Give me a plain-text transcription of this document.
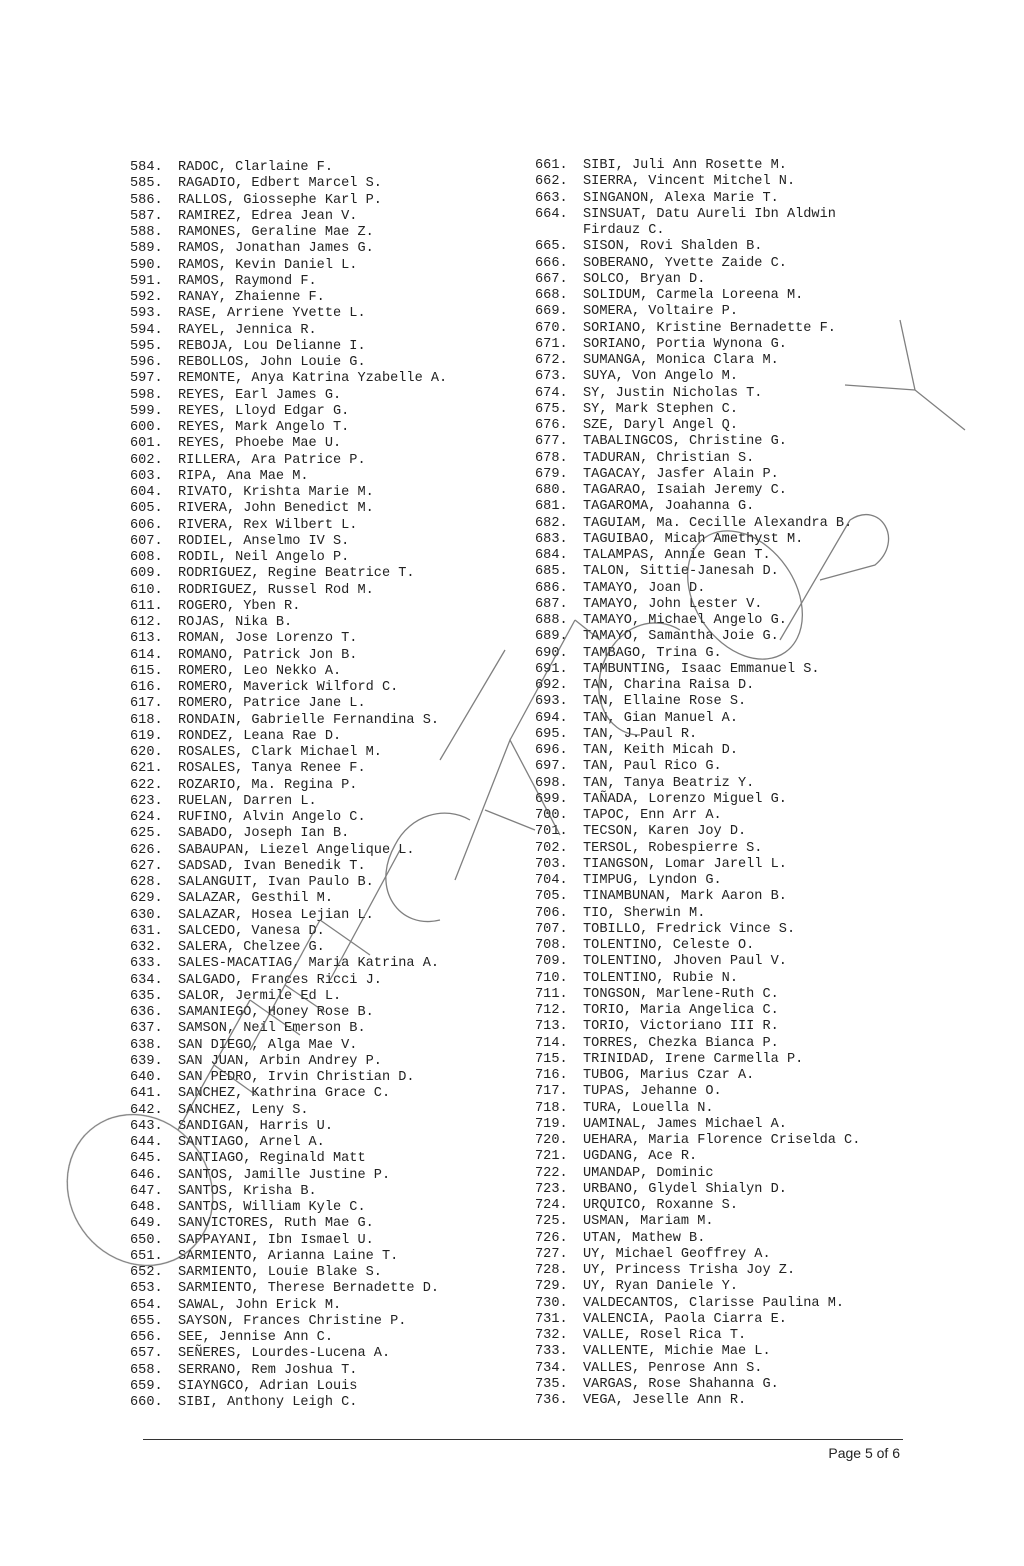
584.	RADOC, Clarlaine F.
585.	RAGADIO, Edbert Marcel S.
586.	RALLOS, Giossephe Karl P.
587.	RAMIREZ, Edrea Jean V.
588.	RAMONES, Geraline Mae Z.
589.	RAMOS, Jonathan James G.
590.	RAMOS, Kevin Daniel L.
591.	RAMOS, Raymond F.
592.	RANAY, Zhaienne F.
593.	RASE, Arriene Yvette L.
594.	RAYEL, Jennica R.
595.	REBOJA, Lou Delianne I.
596.	REBOLLOS, John Louie G.
597.	REMONTE, Anya Katrina Yzabelle A.
598.	REYES, Earl James G.
599.	REYES, Lloyd Edgar G.
600.	REYES, Mark Angelo T.
601.	REYES, Phoebe Mae U.
602.	RILLERA, Ara Patrice P.
603.	RIPA, Ana Mae M.
604.	RIVATO, Krishta Marie M.
605.	RIVERA, John Benedict M.
606.	RIVERA, Rex Wilbert L.
607.	RODIEL, Anselmo IV S.
608.	RODIL, Neil Angelo P.
609.	RODRIGUEZ, Regine Beatrice T.
610.	RODRIGUEZ, Russel Rod M.
611.	ROGERO, Yben R.
612.	ROJAS, Nika B.
613.	ROMAN, Jose Lorenzo T.
614.	ROMANO, Patrick Jon B.
615.	ROMERO, Leo Nekko A.
616.	ROMERO, Maverick Wilford C.
617.	ROMERO, Patrice Jane L.
618.	RONDAIN, Gabrielle Fernandina S.
619.	RONDEZ, Leana Rae D.
620.	ROSALES, Clark Michael M.
621.	ROSALES, Tanya Renee F.
622.	ROZARIO, Ma. Regina P.
623.	RUELAN, Darren L.
624.	RUFINO, Alvin Angelo C.
625.	SABADO, Joseph Ian B.
626.	SABAUPAN, Liezel Angelique L.
627.	SADSAD, Ivan Benedik T.
628.	SALANGUIT, Ivan Paulo B.
629.	SALAZAR, Gesthil M.
630.	SALAZAR, Hosea Lejian L.
631.	SALCEDO, Vanesa D.
632.	SALERA, Chelzee G.
633.	SALES-MACATIAG, Maria Katrina A.
634.	SALGADO, Frances Ricci J.
635.	SALOR, Jermile Ed L.
636.	SAMANIEGO, Honey Rose B.
637.	SAMSON, Neil Emerson B.
638.	SAN DIEGO, Alga Mae V.
639.	SAN JUAN, Arbin Andrey P.
640.	SAN PEDRO, Irvin Christian D.
641.	SANCHEZ, Kathrina Grace C.
642.	SANCHEZ, Leny S.
643.	SANDIGAN, Harris U.
644.	SANTIAGO, Arnel A.
645.	SANTIAGO, Reginald Matt
646.	SANTOS, Jamille Justine P.
647.	SANTOS, Krisha B.
648.	SANTOS, William Kyle C.
649.	SANVICTORES, Ruth Mae G.
650.	SAPPAYANI, Ibn Ismael U.
651.	SARMIENTO, Arianna Laine T.
652.	SARMIENTO, Louie Blake S.
653.	SARMIENTO, Therese Bernadette D.
654.	SAWAL, John Erick M.
655.	SAYSON, Frances Christine P.
656.	SEE, Jennise Ann C.
657.	SEÑERES, Lourdes-Lucena A.
658.	SERRANO, Rem Joshua T.
659.	SIAYNGCO, Adrian Louis
660.	SIBI, Anthony Leigh C.
661.	SIBI, Juli Ann Rosette M.
662.	SIERRA, Vincent Mitchel N.
663.	SINGANON, Alexa Marie T.
664.	SINSUAT, Datu Aureli Ibn Aldwin Firdauz C.
665.	SISON, Rovi Shalden B.
666.	SOBERANO, Yvette Zaide C.
667.	SOLCO, Bryan D.
668.	SOLIDUM, Carmela Loreena M.
669.	SOMERA, Voltaire P.
670.	SORIANO, Kristine Bernadette F.
671.	SORIANO, Portia Wynona G.
672.	SUMANGA, Monica Clara M.
673.	SUYA, Von Angelo M.
674.	SY, Justin Nicholas T.
675.	SY, Mark Stephen C.
676.	SZE, Daryl Angel Q.
677.	TABALINGCOS, Christine G.
678.	TADURAN, Christian S.
679.	TAGACAY, Jasfer Alain P.
680.	TAGARAO, Isaiah Jeremy C.
681.	TAGAROMA, Joahanna G.
682.	TAGUIAM, Ma. Cecille Alexandra B.
683.	TAGUIBAO, Micah Amethyst M.
684.	TALAMPAS, Annie Gean T.
685.	TALON, Sittie-Janesah D.
686.	TAMAYO, Joan D.
687.	TAMAYO, John Lester V.
688.	TAMAYO, Michael Angelo G.
689.	TAMAYO, Samantha Joie G.
690.	TAMBAGO, Trina G.
691.	TAMBUNTING, Isaac Emmanuel S.
692.	TAN, Charina Raisa D.
693.	TAN, Ellaine Rose S.
694.	TAN, Gian Manuel A.
695.	TAN, J.Paul R.
696.	TAN, Keith Micah D.
697.	TAN, Paul Rico G.
698.	TAN, Tanya Beatriz Y.
699.	TAÑADA, Lorenzo Miguel G.
700.	TAPOC, Enn Arr A.
701.	TECSON, Karen Joy D.
702.	TERSOL, Robespierre S.
703.	TIANGSON, Lomar Jarell L.
704.	TIMPUG, Lyndon G.
705.	TINAMBUNAN, Mark Aaron B.
706.	TIO, Sherwin M.
707.	TOBILLO, Fredrick Vince S.
708.	TOLENTINO, Celeste O.
709.	TOLENTINO, Jhoven Paul V.
710.	TOLENTINO, Rubie N.
711.	TONGSON, Marlene-Ruth C.
712.	TORIO, Maria Angelica C.
713.	TORIO, Victoriano III R.
714.	TORRES, Chezka Bianca P.
715.	TRINIDAD, Irene Carmella P.
716.	TUBOG, Marius Czar A.
717.	TUPAS, Jehanne O.
718.	TURA, Louella N.
719.	UAMINAL, James Michael A.
720.	UEHARA, Maria Florence Criselda C.
721.	UGDANG, Ace R.
722.	UMANDAP, Dominic
723.	URBANO, Glydel Shialyn D.
724.	URQUICO, Roxanne S.
725.	USMAN, Mariam M.
726.	UTAN, Mathew B.
727.	UY, Michael Geoffrey A.
728.	UY, Princess Trisha Joy Z.
729.	UY, Ryan Daniele Y.
730.	VALDECANTOS, Clarisse Paulina M.
731.	VALENCIA, Paola Ciarra E.
732.	VALLE, Rosel Rica T.
733.	VALLENTE, Michie Mae L.
734.	VALLES, Penrose Ann S.
735.	VARGAS, Rose Shahanna G.
736.	VEGA, Jeselle Ann R.
Page 5 of 6
